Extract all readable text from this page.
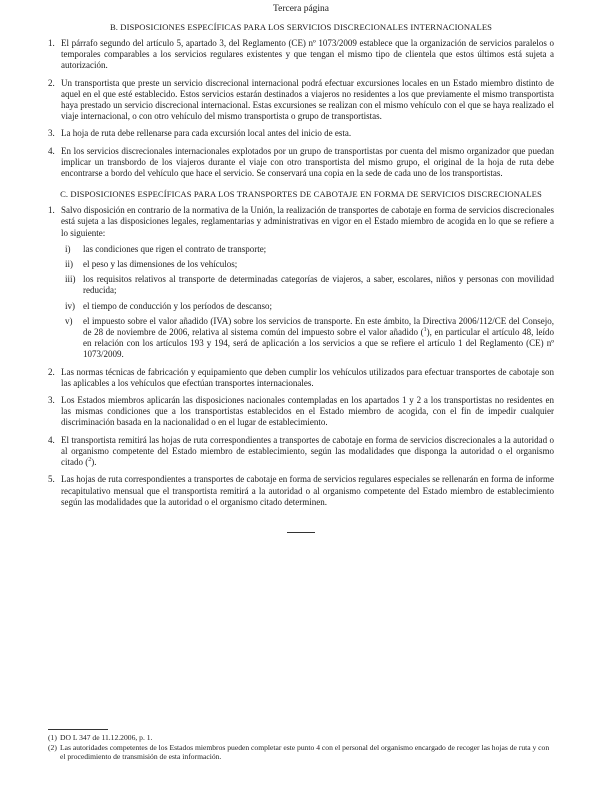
Tercera página
B. DISPOSICIONES ESPECÍFICAS PARA LOS SERVICIOS DISCRECIONALES INTERNACIONALES
1. El párrafo segundo del artículo 5, apartado 3, del Reglamento (CE) nº 1073/2009 establece que la organización de servicios paralelos o temporales comparables a los servicios regulares existentes y que tengan el mismo tipo de clientela que estos últimos está sujeta a autorización.
2. Un transportista que preste un servicio discrecional internacional podrá efectuar excursiones locales en un Estado miembro distinto de aquel en el que esté establecido. Estos servicios estarán destinados a viajeros no residentes a los que previamente el mismo transportista haya prestado un servicio discrecional internacional. Estas excursiones se realizan con el mismo vehículo con el que se haya realizado el viaje internacional, o con otro vehículo del mismo transportista o grupo de transportistas.
3. La hoja de ruta debe rellenarse para cada excursión local antes del inicio de esta.
4. En los servicios discrecionales internacionales explotados por un grupo de transportistas por cuenta del mismo organizador que puedan implicar un transbordo de los viajeros durante el viaje con otro transportista del mismo grupo, el original de la hoja de ruta debe encontrarse a bordo del vehículo que hace el servicio. Se conservará una copia en la sede de cada uno de los transportistas.
C. DISPOSICIONES ESPECÍFICAS PARA LOS TRANSPORTES DE CABOTAJE EN FORMA DE SERVICIOS DISCRECIONALES
1. Salvo disposición en contrario de la normativa de la Unión, la realización de transportes de cabotaje en forma de servicios discrecionales está sujeta a las disposiciones legales, reglamentarias y administrativas en vigor en el Estado miembro de acogida en lo que se refiere a lo siguiente:
i) las condiciones que rigen el contrato de transporte;
ii) el peso y las dimensiones de los vehículos;
iii) los requisitos relativos al transporte de determinadas categorías de viajeros, a saber, escolares, niños y personas con movilidad reducida;
iv) el tiempo de conducción y los períodos de descanso;
v) el impuesto sobre el valor añadido (IVA) sobre los servicios de transporte. En este ámbito, la Directiva 2006/112/CE del Consejo, de 28 de noviembre de 2006, relativa al sistema común del impuesto sobre el valor añadido ($^1$), en particular el artículo 48, leído en relación con los artículos 193 y 194, será de aplicación a los servicios a que se refiere el artículo 1 del Reglamento (CE) nº 1073/2009.
2. Las normas técnicas de fabricación y equipamiento que deben cumplir los vehículos utilizados para efectuar transportes de cabotaje son las aplicables a los vehículos que efectúan transportes internacionales.
3. Los Estados miembros aplicarán las disposiciones nacionales contempladas en los apartados 1 y 2 a los transportistas no residentes en las mismas condiciones que a los transportistas establecidos en el Estado miembro de acogida, con el fin de impedir cualquier discriminación basada en la nacionalidad o en el lugar de establecimiento.
4. El transportista remitirá las hojas de ruta correspondientes a transportes de cabotaje en forma de servicios discrecionales a la autoridad o al organismo competente del Estado miembro de establecimiento, según las modalidades que disponga la autoridad o el organismo citado ($^2$).
5. Las hojas de ruta correspondientes a transportes de cabotaje en forma de servicios regulares especiales se rellenarán en forma de informe recapitulativo mensual que el transportista remitirá a la autoridad o al organismo competente del Estado miembro de establecimiento según las modalidades que la autoridad o el organismo citado determinen.
(1) DO L 347 de 11.12.2006, p. 1.
(2) Las autoridades competentes de los Estados miembros pueden completar este punto 4 con el personal del organismo encargado de recoger las hojas de ruta y con el procedimiento de transmisión de esta información.
